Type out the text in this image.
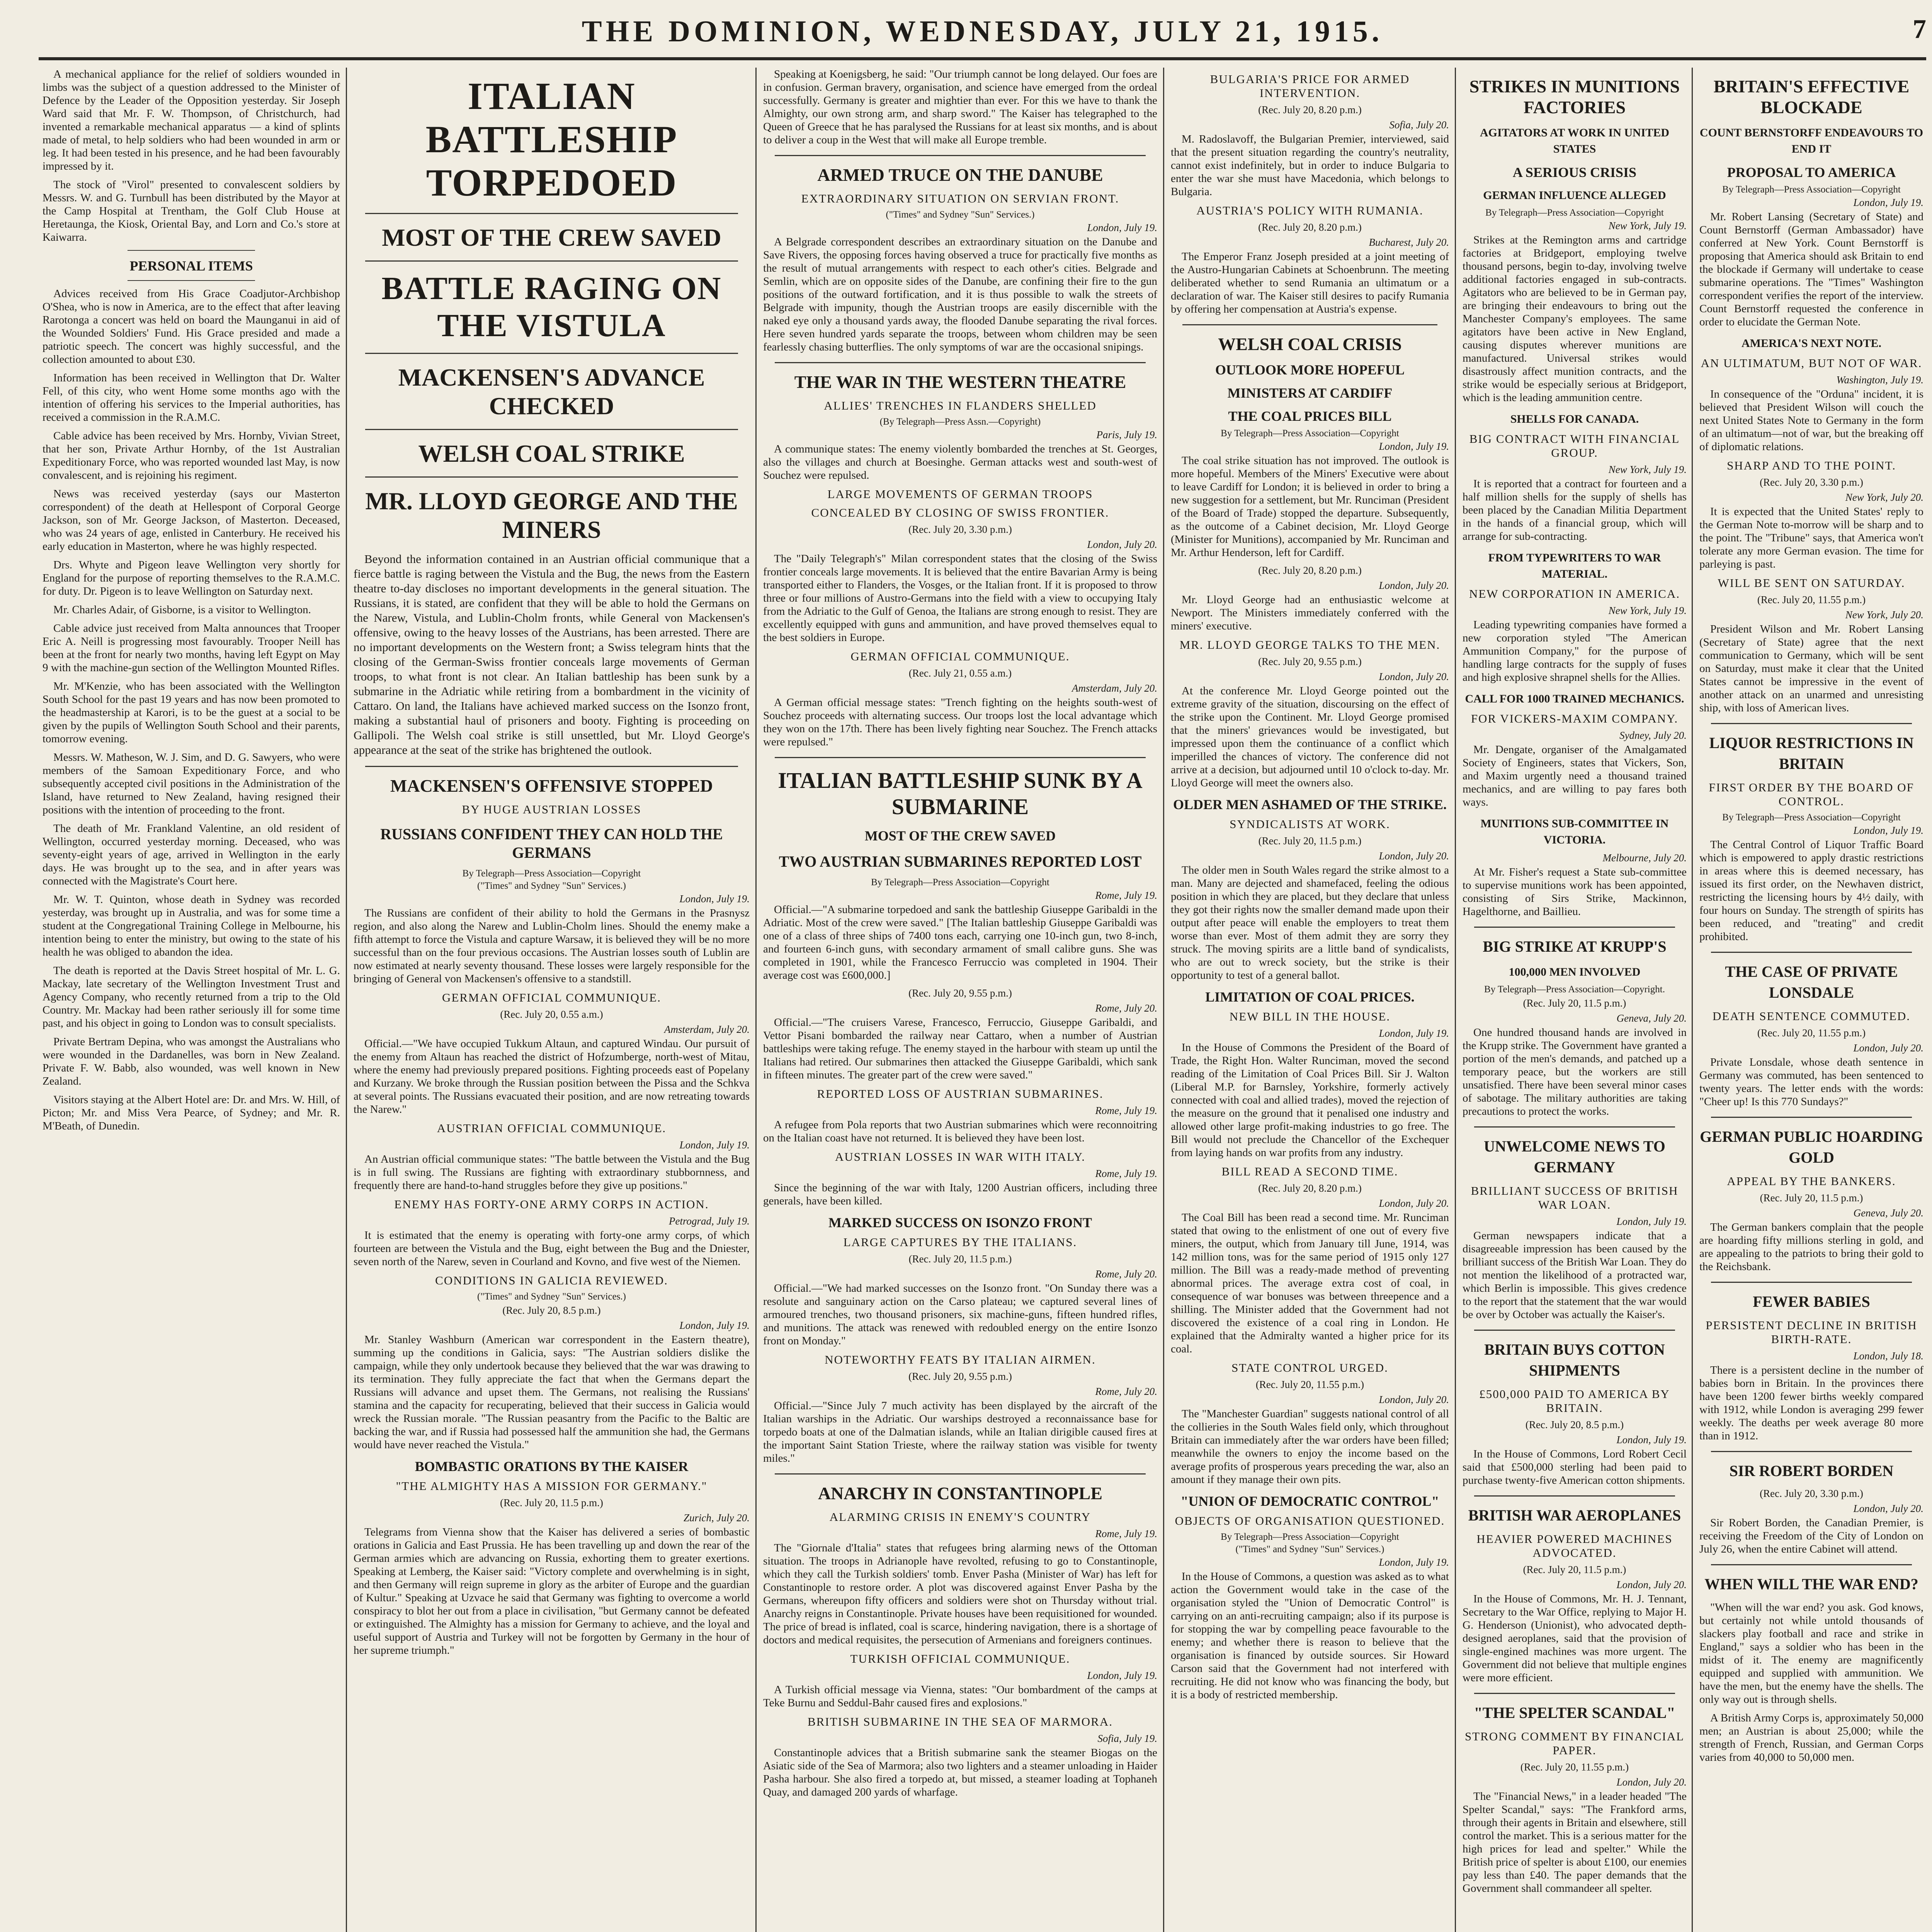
THE DOMINION, WEDNESDAY, JULY 21, 1915.	7

A mechanical appliance for the relief of soldiers wounded in limbs was the subject of a question addressed to the Minister of Defence by the Leader of the Opposition yesterday. Sir Joseph Ward said that Mr. F. W. Thompson, of Christchurch, had invented a remarkable mechanical apparatus — a kind of splints made of metal, to help soldiers who had been wounded in arm or leg. It had been tested in his presence, and he had been favourably impressed by it.

The stock of "Virol" presented to convalescent soldiers by Messrs. W. and G. Turnbull has been distributed by the Mayor at the Camp Hospital at Trentham, the Golf Club House at Heretaunga, the Kiosk, Oriental Bay, and Lorn and Co.'s store at Kaiwarra.

PERSONAL ITEMS

Advices received from His Grace Coadjutor-Archbishop O'Shea, who is now in America, are to the effect that after leaving Rarotonga a concert was held on board the Maunganui in aid of the Wounded Soldiers' Fund. His Grace presided and made a patriotic speech. The concert was highly successful, and the collection amounted to about £30.

Information has been received in Wellington that Dr. Walter Fell, of this city, who went Home some months ago with the intention of offering his services to the Imperial authorities, has received a commission in the R.A.M.C.

Cable advice has been received by Mrs. Hornby, Vivian Street, that her son, Private Arthur Hornby, of the 1st Australian Expeditionary Force, who was reported wounded last May, is now convalescent, and is rejoining his regiment.

News was received yesterday (says our Masterton correspondent) of the death at Hellespont of Corporal George Jackson, son of Mr. George Jackson, of Masterton. Deceased, who was 24 years of age, enlisted in Canterbury. He received his early education in Masterton, where he was highly respected.

Drs. Whyte and Pigeon leave Wellington very shortly for England for the purpose of reporting themselves to the R.A.M.C. for duty. Dr. Pigeon is to leave Wellington on Saturday next.

Mr. Charles Adair, of Gisborne, is a visitor to Wellington.

Cable advice just received from Malta announces that Trooper Eric A. Neill is progressing most favourably. Trooper Neill has been at the front for nearly two months, having left Egypt on May 9 with the machine-gun section of the Wellington Mounted Rifles.

Mr. M'Kenzie, who has been associated with the Wellington South School for the past 19 years and has now been promoted to the headmastership at Karori, is to be the guest at a social to be given by the pupils of Wellington South School and their parents, tomorrow evening.

Messrs. W. Matheson, W. J. Sim, and D. G. Sawyers, who were members of the Samoan Expeditionary Force, and who subsequently accepted civil positions in the Administration of the Island, have returned to New Zealand, having resigned their positions with the intention of proceeding to the front.

The death of Mr. Frankland Valentine, an old resident of Wellington, occurred yesterday morning. Deceased, who was seventy-eight years of age, arrived in Wellington in the early days. He was brought up to the sea, and in after years was connected with the Magistrate's Court here.

Mr. W. T. Quinton, whose death in Sydney was recorded yesterday, was brought up in Australia, and was for some time a student at the Congregational Training College in Melbourne, his intention being to enter the ministry, but owing to the state of his health he was obliged to abandon the idea.

The death is reported at the Davis Street hospital of Mr. L. G. Mackay, late secretary of the Wellington Investment Trust and Agency Company, who recently returned from a trip to the Old Country. Mr. Mackay had been rather seriously ill for some time past, and his object in going to London was to consult specialists.

Private Bertram Depina, who was amongst the Australians who were wounded in the Dardanelles, was born in New Zealand. Private F. W. Babb, also wounded, was well known in New Zealand.

Visitors staying at the Albert Hotel are: Dr. and Mrs. W. Hill, of Picton; Mr. and Miss Vera Pearce, of Sydney; and Mr. R. M'Beath, of Dunedin.

ITALIAN BATTLESHIP TORPEDOED
MOST OF THE CREW SAVED
BATTLE RAGING ON THE VISTULA
MACKENSEN'S ADVANCE CHECKED
WELSH COAL STRIKE
MR. LLOYD GEORGE AND THE MINERS

Beyond the information contained in an Austrian official communique that a fierce battle is raging between the Vistula and the Bug, the news from the Eastern theatre to-day discloses no important developments in the general situation. The Russians, it is stated, are confident that they will be able to hold the Germans on the Narew, Vistula, and Lublin-Cholm fronts, while General von Mackensen's offensive, owing to the heavy losses of the Austrians, has been arrested. There are no important developments on the Western front; a Swiss telegram hints that the closing of the German-Swiss frontier conceals large movements of German troops, to what front is not clear. An Italian battleship has been sunk by a submarine in the Adriatic while retiring from a bombardment in the vicinity of Cattaro. On land, the Italians have achieved marked success on the Isonzo front, making a substantial haul of prisoners and booty. Fighting is proceeding on Gallipoli. The Welsh coal strike is still unsettled, but Mr. Lloyd George's appearance at the seat of the strike has brightened the outlook.

MACKENSEN'S OFFENSIVE STOPPED
BY HUGE AUSTRIAN LOSSES
RUSSIANS CONFIDENT THEY CAN HOLD THE GERMANS
By Telegraph—Press Association—Copyright
("Times" and Sydney "Sun" Services.)
London, July 19.

The Russians are confident of their ability to hold the Germans in the Prasnysz region, and also along the Narew and Lublin-Cholm lines. Should the enemy make a fifth attempt to force the Vistula and capture Warsaw, it is believed they will be no more successful than on the four previous occasions. The Austrian losses south of Lublin are now estimated at nearly seventy thousand. These losses were largely responsible for the bringing of General von Mackensen's offensive to a standstill.

GERMAN OFFICIAL COMMUNIQUE.
(Rec. July 20, 0.55 a.m.)
Amsterdam, July 20.

Official.—"We have occupied Tukkum Altaun, and captured Windau. Our pursuit of the enemy from Altaun has reached the district of Hofzumberge, north-west of Mitau, where the enemy had previously prepared positions. Fighting proceeds east of Popelany and Kurzany. We broke through the Russian position between the Pissa and the Schkva at several points. The Russians evacuated their position, and are now retreating towards the Narew."

AUSTRIAN OFFICIAL COMMUNIQUE.
London, July 19.

An Austrian official communique states: "The battle between the Vistula and the Bug is in full swing. The Russians are fighting with extraordinary stubbornness, and frequently there are hand-to-hand struggles before they give up positions."

ENEMY HAS FORTY-ONE ARMY CORPS IN ACTION.
Petrograd, July 19.

It is estimated that the enemy is operating with forty-one army corps, of which fourteen are between the Vistula and the Bug, eight between the Bug and the Dniester, seven north of the Narew, seven in Courland and Kovno, and five west of the Niemen.

CONDITIONS IN GALICIA REVIEWED.
("Times" and Sydney "Sun" Services.)
(Rec. July 20, 8.5 p.m.)
London, July 19.

Mr. Stanley Washburn (American war correspondent in the Eastern theatre), summing up the conditions in Galicia, says: "The Austrian soldiers dislike the campaign, while they only undertook because they believed that the war was drawing to its termination. They fully appreciate the fact that when the Germans depart the Russians will advance and upset them. The Germans, not realising the Russians' stamina and the capacity for recuperating, believed that their success in Galicia would wreck the Russian morale. "The Russian peasantry from the Pacific to the Baltic are backing the war, and if Russia had possessed half the ammunition she had, the Germans would have never reached the Vistula."

BOMBASTIC ORATIONS BY THE KAISER
"THE ALMIGHTY HAS A MISSION FOR GERMANY."
(Rec. July 20, 11.5 p.m.)
Zurich, July 20.

Telegrams from Vienna show that the Kaiser has delivered a series of bombastic orations in Galicia and East Prussia. He has been travelling up and down the rear of the German armies which are advancing on Russia, exhorting them to greater exertions. Speaking at Lemberg, the Kaiser said: "Victory complete and overwhelming is in sight, and then Germany will reign supreme in glory as the arbiter of Europe and the guardian of Kultur." Speaking at Uzvace he said that Germany was fighting to overcome a world conspiracy to blot her out from a place in civilisation, "but Germany cannot be defeated or extinguished. The Almighty has a mission for Germany to achieve, and the loyal and useful support of Austria and Turkey will not be forgotten by Germany in the hour of her supreme triumph."

Speaking at Koenigsberg, he said: "Our triumph cannot be long delayed. Our foes are in confusion. German bravery, organisation, and science have emerged from the ordeal successfully. Germany is greater and mightier than ever. For this we have to thank the Almighty, our own strong arm, and sharp sword." The Kaiser has telegraphed to the Queen of Greece that he has paralysed the Russians for at least six months, and is about to deliver a coup in the West that will make all Europe tremble.

ARMED TRUCE ON THE DANUBE
EXTRAORDINARY SITUATION ON SERVIAN FRONT.
("Times" and Sydney "Sun" Services.)
London, July 19.

A Belgrade correspondent describes an extraordinary situation on the Danube and Save Rivers, the opposing forces having observed a truce for practically five months as the result of mutual arrangements with respect to each other's cities. Belgrade and Semlin, which are on opposite sides of the Danube, are confining their fire to the gun positions of the outward fortification, and it is thus possible to walk the streets of Belgrade with impunity, though the Austrian troops are easily discernible with the naked eye only a thousand yards away, the flooded Danube separating the rival forces. Here seven hundred yards separate the troops, between whom children may be seen fearlessly chasing butterflies. The only symptoms of war are the occasional snipings.

THE WAR IN THE WESTERN THEATRE
ALLIES' TRENCHES IN FLANDERS SHELLED
(By Telegraph—Press Assn.—Copyright)
Paris, July 19.

A communique states: The enemy violently bombarded the trenches at St. Georges, also the villages and church at Boesinghe. German attacks west and south-west of Souchez were repulsed.

LARGE MOVEMENTS OF GERMAN TROOPS
CONCEALED BY CLOSING OF SWISS FRONTIER.
(Rec. July 20, 3.30 p.m.)
London, July 20.

The "Daily Telegraph's" Milan correspondent states that the closing of the Swiss frontier conceals large movements. It is believed that the entire Bavarian Army is being transported either to Flanders, the Vosges, or the Italian front. If it is proposed to throw three or four millions of Austro-Germans into the field with a view to occupying Italy from the Adriatic to the Gulf of Genoa, the Italians are strong enough to resist. They are excellently equipped with guns and ammunition, and have proved themselves equal to the best soldiers in Europe.

GERMAN OFFICIAL COMMUNIQUE.
(Rec. July 21, 0.55 a.m.)
Amsterdam, July 20.

A German official message states: "Trench fighting on the heights south-west of Souchez proceeds with alternating success. Our troops lost the local advantage which they won on the 17th. There has been lively fighting near Souchez. The French attacks were repulsed."

ITALIAN BATTLESHIP SUNK BY A SUBMARINE
MOST OF THE CREW SAVED
TWO AUSTRIAN SUBMARINES REPORTED LOST
By Telegraph—Press Association—Copyright
Rome, July 19.

Official.—"A submarine torpedoed and sank the battleship Giuseppe Garibaldi in the Adriatic. Most of the crew were saved." [The Italian battleship Giuseppe Garibaldi was one of a class of three ships of 7400 tons each, carrying one 10-inch gun, two 8-inch, and fourteen 6-inch guns, with secondary armament of small calibre guns. She was completed in 1901, while the Francesco Ferruccio was completed in 1904. Their average cost was £600,000.]

(Rec. July 20, 9.55 p.m.)
Rome, July 20.

Official.—"The cruisers Varese, Francesco, Ferruccio, Giuseppe Garibaldi, and Vettor Pisani bombarded the railway near Cattaro, when a number of Austrian battleships were taking refuge. The enemy stayed in the harbour with steam up until the Italians had retired. Our submarines then attacked the Giuseppe Garibaldi, which sank in fifteen minutes. The greater part of the crew were saved."

REPORTED LOSS OF AUSTRIAN SUBMARINES.
Rome, July 19.

A refugee from Pola reports that two Austrian submarines which were reconnoitring on the Italian coast have not returned. It is believed they have been lost.

AUSTRIAN LOSSES IN WAR WITH ITALY.
Rome, July 19.

Since the beginning of the war with Italy, 1200 Austrian officers, including three generals, have been killed.

MARKED SUCCESS ON ISONZO FRONT
LARGE CAPTURES BY THE ITALIANS.
(Rec. July 20, 11.5 p.m.)
Rome, July 20.

Official.—"We had marked successes on the Isonzo front. "On Sunday there was a resolute and sanguinary action on the Carso plateau; we captured several lines of armoured trenches, two thousand prisoners, six machine-guns, fifteen hundred rifles, and munitions. The attack was renewed with redoubled energy on the entire Isonzo front on Monday."

NOTEWORTHY FEATS BY ITALIAN AIRMEN.
(Rec. July 20, 9.55 p.m.)
Rome, July 20.

Official.—"Since July 7 much activity has been displayed by the aircraft of the Italian warships in the Adriatic. Our warships destroyed a reconnaissance base for torpedo boats at one of the Dalmatian islands, while an Italian dirigible caused fires at the important Saint Station Trieste, where the railway station was visible for twenty miles."

ANARCHY IN CONSTANTINOPLE
ALARMING CRISIS IN ENEMY'S COUNTRY
Rome, July 19.

The "Giornale d'Italia" states that refugees bring alarming news of the Ottoman situation. The troops in Adrianople have revolted, refusing to go to Constantinople, which they call the Turkish soldiers' tomb. Enver Pasha (Minister of War) has left for Constantinople to restore order. A plot was discovered against Enver Pasha by the Germans, whereupon fifty officers and soldiers were shot on Thursday without trial. Anarchy reigns in Constantinople. Private houses have been requisitioned for wounded. The price of bread is inflated, coal is scarce, hindering navigation, there is a shortage of doctors and medical requisites, the persecution of Armenians and foreigners continues.

TURKISH OFFICIAL COMMUNIQUE.
London, July 19.

A Turkish official message via Vienna, states: "Our bombardment of the camps at Teke Burnu and Seddul-Bahr caused fires and explosions."

BRITISH SUBMARINE IN THE SEA OF MARMORA.
Sofia, July 19.

Constantinople advices that a British submarine sank the steamer Biogas on the Asiatic side of the Sea of Marmora; also two lighters and a steamer unloading in Haider Pasha harbour. She also fired a torpedo at, but missed, a steamer loading at Tophaneh Quay, and damaged 200 yards of wharfage.

BULGARIA'S PRICE FOR ARMED INTERVENTION.
(Rec. July 20, 8.20 p.m.)
Sofia, July 20.

M. Radoslavoff, the Bulgarian Premier, interviewed, said that the present situation regarding the country's neutrality, cannot exist indefinitely, but in order to induce Bulgaria to enter the war she must have Macedonia, which belongs to Bulgaria.

AUSTRIA'S POLICY WITH RUMANIA.
(Rec. July 20, 8.20 p.m.)
Bucharest, July 20.

The Emperor Franz Joseph presided at a joint meeting of the Austro-Hungarian Cabinets at Schoenbrunn. The meeting deliberated whether to send Rumania an ultimatum or a declaration of war. The Kaiser still desires to pacify Rumania by offering her compensation at Austria's expense.

WELSH COAL CRISIS
OUTLOOK MORE HOPEFUL
MINISTERS AT CARDIFF
THE COAL PRICES BILL
By Telegraph—Press Association—Copyright
London, July 19.

The coal strike situation has not improved. The outlook is more hopeful. Members of the Miners' Executive were about to leave Cardiff for London; it is believed in order to bring a new suggestion for a settlement, but Mr. Runciman (President of the Board of Trade) stopped the departure. Subsequently, as the outcome of a Cabinet decision, Mr. Lloyd George (Minister for Munitions), accompanied by Mr. Runciman and Mr. Arthur Henderson, left for Cardiff.

(Rec. July 20, 8.20 p.m.)
London, July 20.

Mr. Lloyd George had an enthusiastic welcome at Newport. The Ministers immediately conferred with the miners' executive.

MR. LLOYD GEORGE TALKS TO THE MEN.
(Rec. July 20, 9.55 p.m.)
London, July 20.

At the conference Mr. Lloyd George pointed out the extreme gravity of the situation, discoursing on the effect of the strike upon the Continent. Mr. Lloyd George promised that the miners' grievances would be investigated, but impressed upon them the continuance of a conflict which imperilled the chances of victory. The conference did not arrive at a decision, but adjourned until 10 o'clock to-day. Mr. Lloyd George will meet the owners also.

OLDER MEN ASHAMED OF THE STRIKE.
SYNDICALISTS AT WORK.
(Rec. July 20, 11.5 p.m.)
London, July 20.

The older men in South Wales regard the strike almost to a man. Many are dejected and shamefaced, feeling the odious position in which they are placed, but they declare that unless they got their rights now the smaller demand made upon their output after peace will enable the employers to treat them worse than ever. Most of them admit they are sorry they struck. The moving spirits are a little band of syndicalists, who are out to wreck society, but the strike is their opportunity to test of a general ballot.

LIMITATION OF COAL PRICES.
NEW BILL IN THE HOUSE.
London, July 19.

In the House of Commons the President of the Board of Trade, the Right Hon. Walter Runciman, moved the second reading of the Limitation of Coal Prices Bill. Sir J. Walton (Liberal M.P. for Barnsley, Yorkshire, formerly actively connected with coal and allied trades), moved the rejection of the measure on the ground that it penalised one industry and allowed other large profit-making industries to go free. The Bill would not preclude the Chancellor of the Exchequer from laying hands on war profits from any industry.

BILL READ A SECOND TIME.
(Rec. July 20, 8.20 p.m.)
London, July 20.

The Coal Bill has been read a second time. Mr. Runciman stated that owing to the enlistment of one out of every five miners, the output, which from January till June, 1914, was 142 million tons, was for the same period of 1915 only 127 million. The Bill was a ready-made method of preventing abnormal prices. The average extra cost of coal, in consequence of war bonuses was between threepence and a shilling. The Minister added that the Government had not discovered the existence of a coal ring in London. He explained that the Admiralty wanted a higher price for its coal.

STATE CONTROL URGED.
(Rec. July 20, 11.55 p.m.)
London, July 20.

The "Manchester Guardian" suggests national control of all the collieries in the South Wales field only, which throughout Britain can immediately after the war orders have been filled; meanwhile the owners to enjoy the income based on the average profits of prosperous years preceding the war, also an amount if they manage their own pits.

"UNION OF DEMOCRATIC CONTROL"
OBJECTS OF ORGANISATION QUESTIONED.
By Telegraph—Press Association—Copyright
("Times" and Sydney "Sun" Services.)
London, July 19.

In the House of Commons, a question was asked as to what action the Government would take in the case of the organisation styled the "Union of Democratic Control" is carrying on an anti-recruiting campaign; also if its purpose is for stopping the war by compelling peace favourable to the enemy; and whether there is reason to believe that the organisation is financed by outside sources. Sir Howard Carson said that the Government had not interfered with recruiting. He did not know who was financing the body, but it is a body of restricted membership.

STRIKES IN MUNITIONS FACTORIES
AGITATORS AT WORK IN UNITED STATES
A SERIOUS CRISIS
GERMAN INFLUENCE ALLEGED
By Telegraph—Press Association—Copyright
New York, July 19.

Strikes at the Remington arms and cartridge factories at Bridgeport, employing twelve thousand persons, begin to-day, involving twelve additional factories engaged in sub-contracts. Agitators who are believed to be in German pay, are bringing their endeavours to bring out the Manchester Company's employees. The same agitators have been active in New England, causing disputes wherever munitions are manufactured. Universal strikes would disastrously affect munition contracts, and the strike would be especially serious at Bridgeport, which is the leading ammunition centre.

SHELLS FOR CANADA.
BIG CONTRACT WITH FINANCIAL GROUP.
New York, July 19.

It is reported that a contract for fourteen and a half million shells for the supply of shells has been placed by the Canadian Militia Department in the hands of a financial group, which will arrange for sub-contracting.

FROM TYPEWRITERS TO WAR MATERIAL.
NEW CORPORATION IN AMERICA.
New York, July 19.

Leading typewriting companies have formed a new corporation styled "The American Ammunition Company," for the purpose of handling large contracts for the supply of fuses and high explosive shrapnel shells for the Allies.

CALL FOR 1000 TRAINED MECHANICS.
FOR VICKERS-MAXIM COMPANY.
Sydney, July 20.

Mr. Dengate, organiser of the Amalgamated Society of Engineers, states that Vickers, Son, and Maxim urgently need a thousand trained mechanics, and are willing to pay fares both ways.

MUNITIONS SUB-COMMITTEE IN VICTORIA.
Melbourne, July 20.

At Mr. Fisher's request a State sub-committee to supervise munitions work has been appointed, consisting of Sirs Strike, Mackinnon, Hagelthorne, and Baillieu.

BIG STRIKE AT KRUPP'S
100,000 MEN INVOLVED
By Telegraph—Press Association—Copyright.
(Rec. July 20, 11.5 p.m.)
Geneva, July 20.

One hundred thousand hands are involved in the Krupp strike. The Government have granted a portion of the men's demands, and patched up a temporary peace, but the workers are still unsatisfied. There have been several minor cases of sabotage. The military authorities are taking precautions to protect the works.

UNWELCOME NEWS TO GERMANY
BRILLIANT SUCCESS OF BRITISH WAR LOAN.
London, July 19.

German newspapers indicate that a disagreeable impression has been caused by the brilliant success of the British War Loan. They do not mention the likelihood of a protracted war, which Berlin is impossible. This gives credence to the report that the statement that the war would be over by October was actually the Kaiser's.

BRITAIN BUYS COTTON SHIPMENTS
£500,000 PAID TO AMERICA BY BRITAIN.
(Rec. July 20, 8.5 p.m.)
London, July 19.

In the House of Commons, Lord Robert Cecil said that £500,000 sterling had been paid to purchase twenty-five American cotton shipments.

BRITISH WAR AEROPLANES
HEAVIER POWERED MACHINES ADVOCATED.
(Rec. July 20, 11.5 p.m.)
London, July 20.

In the House of Commons, Mr. H. J. Tennant, Secretary to the War Office, replying to Major H. G. Henderson (Unionist), who advocated depth-designed aeroplanes, said that the provision of single-engined machines was more urgent. The Government did not believe that multiple engines were more efficient.

"THE SPELTER SCANDAL"
STRONG COMMENT BY FINANCIAL PAPER.
(Rec. July 20, 11.55 p.m.)
London, July 20.

The "Financial News," in a leader headed "The Spelter Scandal," says: "The Frankford arms, through their agents in Britain and elsewhere, still control the market. This is a serious matter for the high prices for lead and spelter." While the British price of spelter is about £100, our enemies pay less than £40. The paper demands that the Government shall commandeer all spelter.

BRITAIN'S EFFECTIVE BLOCKADE
COUNT BERNSTORFF ENDEAVOURS TO END IT
PROPOSAL TO AMERICA
By Telegraph—Press Association—Copyright
London, July 19.

Mr. Robert Lansing (Secretary of State) and Count Bernstorff (German Ambassador) have conferred at New York. Count Bernstorff is proposing that America should ask Britain to end the blockade if Germany will undertake to cease submarine operations. The "Times" Washington correspondent verifies the report of the interview. Count Bernstorff requested the conference in order to elucidate the German Note.

AMERICA'S NEXT NOTE.
AN ULTIMATUM, BUT NOT OF WAR.
Washington, July 19.

In consequence of the "Orduna" incident, it is believed that President Wilson will couch the next United States Note to Germany in the form of an ultimatum—not of war, but the breaking off of diplomatic relations.

SHARP AND TO THE POINT.
(Rec. July 20, 3.30 p.m.)
New York, July 20.

It is expected that the United States' reply to the German Note to-morrow will be sharp and to the point. The "Tribune" says, that America won't tolerate any more German evasion. The time for parleying is past.

WILL BE SENT ON SATURDAY.
(Rec. July 20, 11.55 p.m.)
New York, July 20.

President Wilson and Mr. Robert Lansing (Secretary of State) agree that the next communication to Germany, which will be sent on Saturday, must make it clear that the United States cannot be impressive in the event of another attack on an unarmed and unresisting ship, with loss of American lives.

LIQUOR RESTRICTIONS IN BRITAIN
FIRST ORDER BY THE BOARD OF CONTROL.
By Telegraph—Press Association—Copyright
London, July 19.

The Central Control of Liquor Traffic Board which is empowered to apply drastic restrictions in areas where this is deemed necessary, has issued its first order, on the Newhaven district, restricting the licensing hours by 4½ daily, with four hours on Sunday. The strength of spirits has been reduced, and "treating" and credit prohibited.

THE CASE OF PRIVATE LONSDALE
DEATH SENTENCE COMMUTED.
(Rec. July 20, 11.55 p.m.)
London, July 20.

Private Lonsdale, whose death sentence in Germany was commuted, has been sentenced to twenty years. The letter ends with the words: "Cheer up! Is this 770 Sundays?"

GERMAN PUBLIC HOARDING GOLD
APPEAL BY THE BANKERS.
(Rec. July 20, 11.5 p.m.)
Geneva, July 20.

The German bankers complain that the people are hoarding fifty millions sterling in gold, and are appealing to the patriots to bring their gold to the Reichsbank.

FEWER BABIES
PERSISTENT DECLINE IN BRITISH BIRTH-RATE.
London, July 18.

There is a persistent decline in the number of babies born in Britain. In the provinces there have been 1200 fewer births weekly compared with 1912, while London is averaging 299 fewer weekly. The deaths per week average 80 more than in 1912.

SIR ROBERT BORDEN
(Rec. July 20, 3.30 p.m.)
London, July 20.

Sir Robert Borden, the Canadian Premier, is receiving the Freedom of the City of London on July 26, when the entire Cabinet will attend.

WHEN WILL THE WAR END?

"When will the war end? you ask. God knows, but certainly not while untold thousands of slackers play football and race and strike in England," says a soldier who has been in the midst of it. The enemy are magnificently equipped and supplied with ammunition. We have the men, but the enemy have the shells. The only way out is through shells.

A British Army Corps is, approximately 50,000 men; an Austrian is about 25,000; while the strength of French, Russian, and German Corps varies from 40,000 to 50,000 men.
